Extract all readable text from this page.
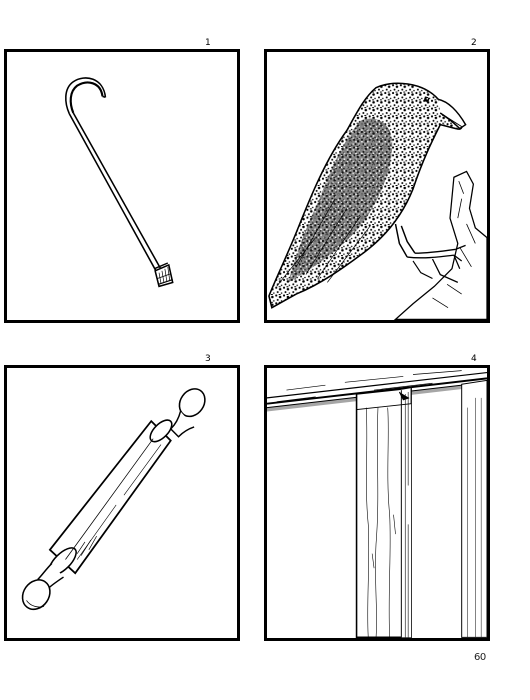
1	2
3	4
60
